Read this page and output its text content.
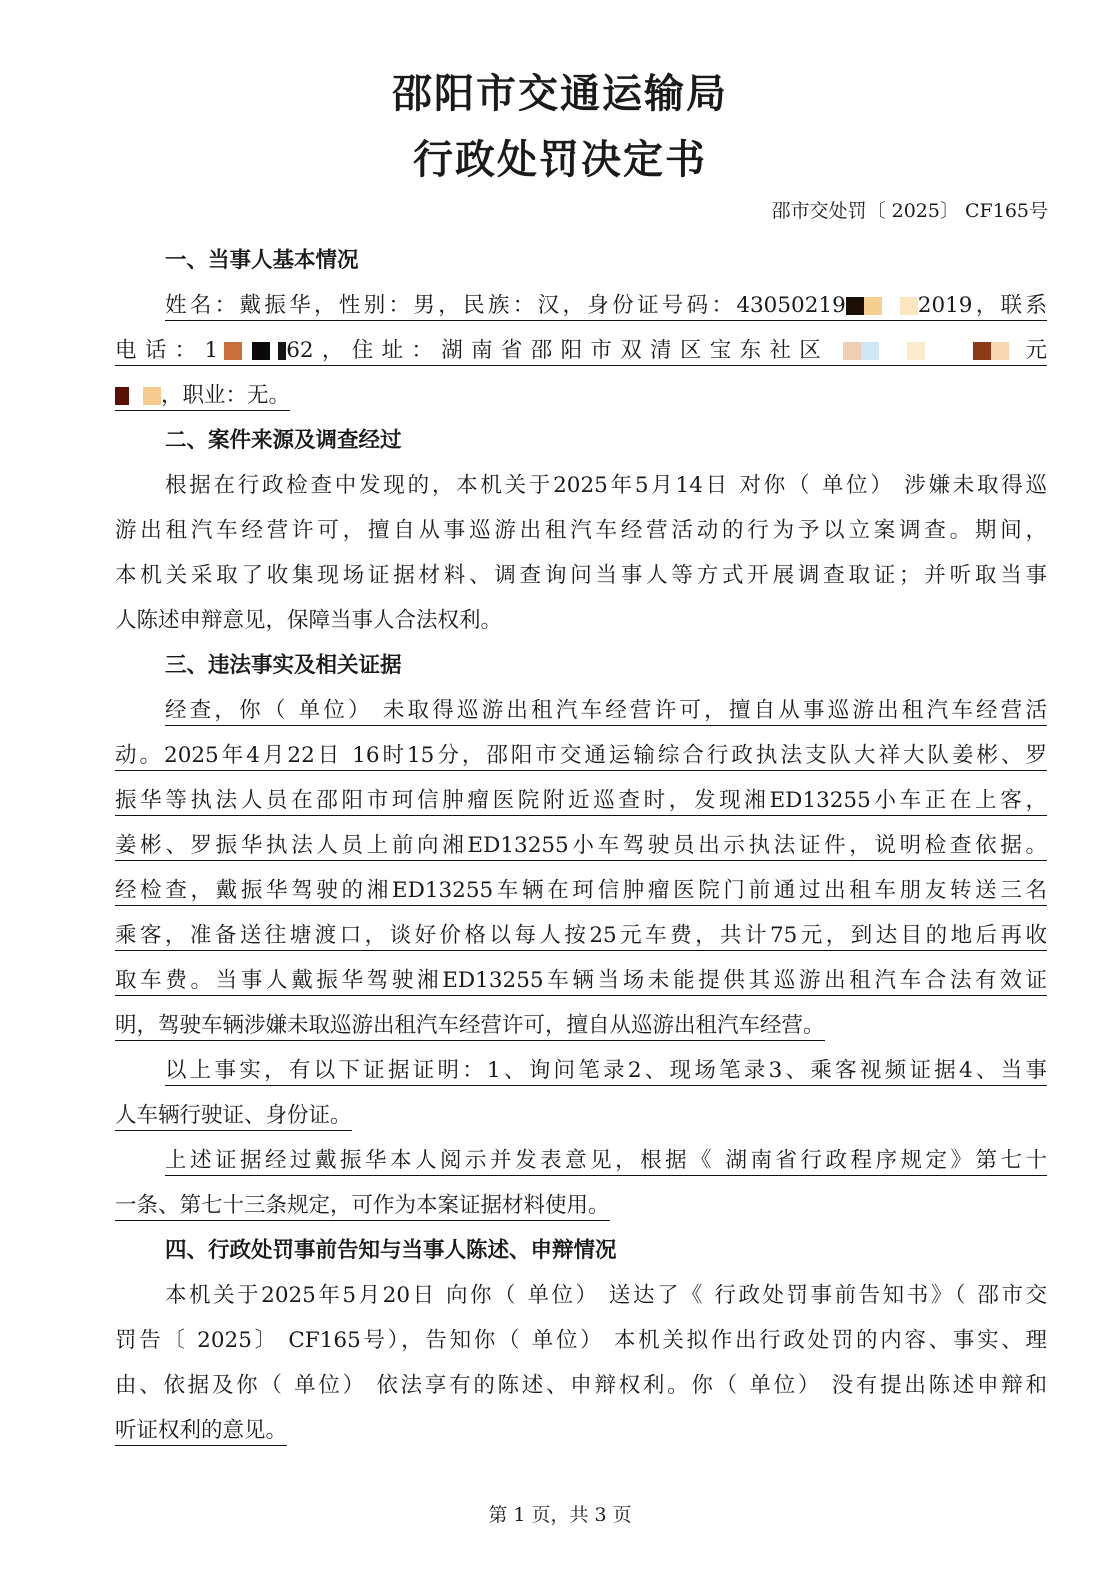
邵阳市交通运输局
行政处罚决定书

邵市交处罚〔 2025〕 CF165号

一、当事人基本情况
姓名：戴振华，性别：男，民族：汉，身份证号码：43050219	2019，联系
电话：1	62，住址：湖南省邵阳市双清区宝东社区	元
，职业：无。
二、案件来源及调查经过
根据在行政检查中发现的，本机关于2025年5月14日 对你（ 单位） 涉嫌未取得巡
游出租汽车经营许可，擅自从事巡游出租汽车经营活动的行为予以立案调查。期间，
本机关采取了收集现场证据材料、调查询问当事人等方式开展调查取证；并听取当事
人陈述申辩意见，保障当事人合法权利。
三、违法事实及相关证据
经查，你（ 单位） 未取得巡游出租汽车经营许可，擅自从事巡游出租汽车经营活
动。2025年4月22日 16时15分，邵阳市交通运输综合行政执法支队大祥大队姜彬、罗
振华等执法人员在邵阳市珂信肿瘤医院附近巡查时，发现湘ED13255小车正在上客，
姜彬、罗振华执法人员上前向湘ED13255小车驾驶员出示执法证件，说明检查依据。
经检查，戴振华驾驶的湘ED13255车辆在珂信肿瘤医院门前通过出租车朋友转送三名
乘客，准备送往塘渡口，谈好价格以每人按25元车费，共计75元，到达目的地后再收
取车费。当事人戴振华驾驶湘ED13255车辆当场未能提供其巡游出租汽车合法有效证
明，驾驶车辆涉嫌未取巡游出租汽车经营许可，擅自从巡游出租汽车经营。
以上事实，有以下证据证明：1、询问笔录2、现场笔录3、乘客视频证据4、当事
人车辆行驶证、身份证。
上述证据经过戴振华本人阅示并发表意见，根据《 湖南省行政程序规定》第七十
一条、第七十三条规定，可作为本案证据材料使用。
四、行政处罚事前告知与当事人陈述、申辩情况
本机关于2025年5月20日 向你（ 单位） 送达了《 行政处罚事前告知书》（ 邵市交
罚告〔 2025〕 CF165号），告知你（ 单位） 本机关拟作出行政处罚的内容、事实、理
由、依据及你（ 单位） 依法享有的陈述、申辩权利。你（ 单位） 没有提出陈述申辩和
听证权利的意见。

第 1 页，共 3 页
